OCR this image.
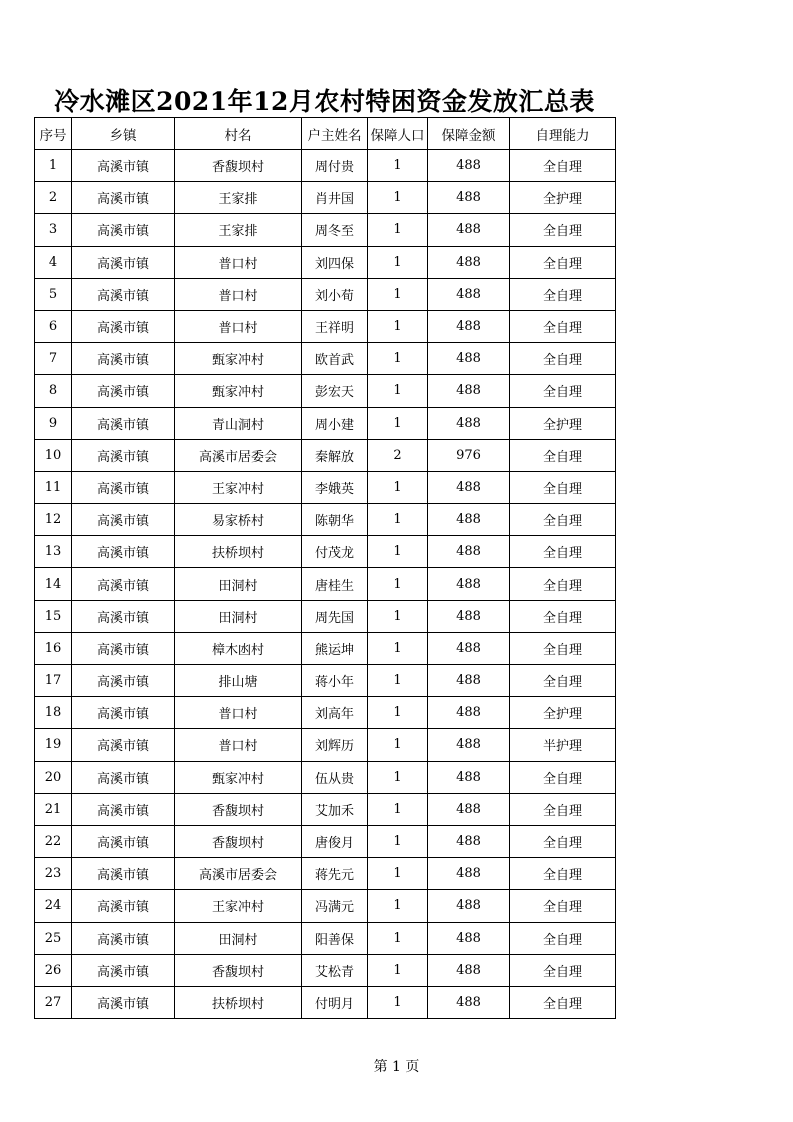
冷水滩区2021年12月农村特困资金发放汇总表
序号	乡镇	村名	户主姓名	保障人口	保障金额	自理能力
1	高溪市镇	香馥坝村	周付贵	1	488	全自理
2	高溪市镇	王家排	肖井国	1	488	全护理
3	高溪市镇	王家排	周冬至	1	488	全自理
4	高溪市镇	普口村	刘四保	1	488	全自理
5	高溪市镇	普口村	刘小荀	1	488	全自理
6	高溪市镇	普口村	王祥明	1	488	全自理
7	高溪市镇	甄家冲村	欧首武	1	488	全自理
8	高溪市镇	甄家冲村	彭宏天	1	488	全自理
9	高溪市镇	青山洞村	周小建	1	488	全护理
10	高溪市镇	高溪市居委会	秦解放	2	976	全自理
11	高溪市镇	王家冲村	李娥英	1	488	全自理
12	高溪市镇	易家桥村	陈朝华	1	488	全自理
13	高溪市镇	扶桥坝村	付茂龙	1	488	全自理
14	高溪市镇	田洞村	唐桂生	1	488	全自理
15	高溪市镇	田洞村	周先国	1	488	全自理
16	高溪市镇	樟木凼村	熊运坤	1	488	全自理
17	高溪市镇	排山塘	蒋小年	1	488	全自理
18	高溪市镇	普口村	刘高年	1	488	全护理
19	高溪市镇	普口村	刘辉历	1	488	半护理
20	高溪市镇	甄家冲村	伍从贵	1	488	全自理
21	高溪市镇	香馥坝村	艾加禾	1	488	全自理
22	高溪市镇	香馥坝村	唐俊月	1	488	全自理
23	高溪市镇	高溪市居委会	蒋先元	1	488	全自理
24	高溪市镇	王家冲村	冯满元	1	488	全自理
25	高溪市镇	田洞村	阳善保	1	488	全自理
26	高溪市镇	香馥坝村	艾松青	1	488	全自理
27	高溪市镇	扶桥坝村	付明月	1	488	全自理
第 1 页
